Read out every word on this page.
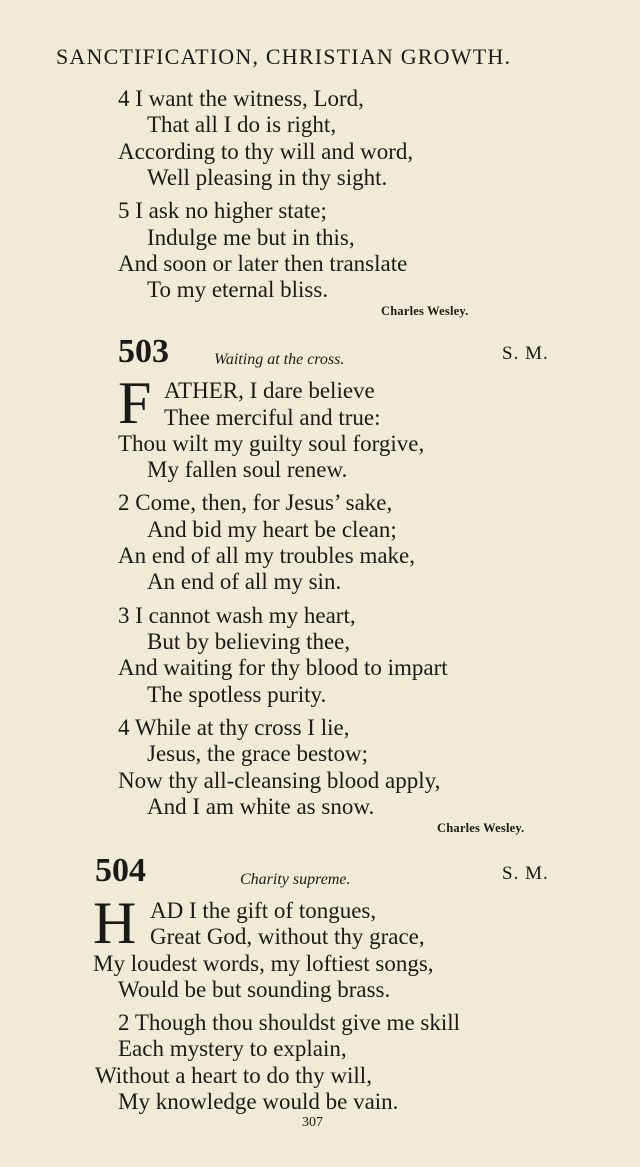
SANCTIFICATION, CHRISTIAN GROWTH.
4 I want the witness, Lord,
That all I do is right,
According to thy will and word,
Well pleasing in thy sight.
5 I ask no higher state;
Indulge me but in this,
And soon or later then translate
To my eternal bliss.
Charles Wesley.
503	Waiting at the cross.	S. M.
F ATHER, I dare believe
Thee merciful and true:
Thou wilt my guilty soul forgive,
My fallen soul renew.
2 Come, then, for Jesus’ sake,
And bid my heart be clean;
An end of all my troubles make,
An end of all my sin.
3 I cannot wash my heart,
But by believing thee,
And waiting for thy blood to impart
The spotless purity.
4 While at thy cross I lie,
Jesus, the grace bestow;
Now thy all-cleansing blood apply,
And I am white as snow.
Charles Wesley.
504	Charity supreme.	S. M.
H AD I the gift of tongues,
Great God, without thy grace,
My loudest words, my loftiest songs,
Would be but sounding brass.
2 Though thou shouldst give me skill
Each mystery to explain,
Without a heart to do thy will,
My knowledge would be vain.
307
